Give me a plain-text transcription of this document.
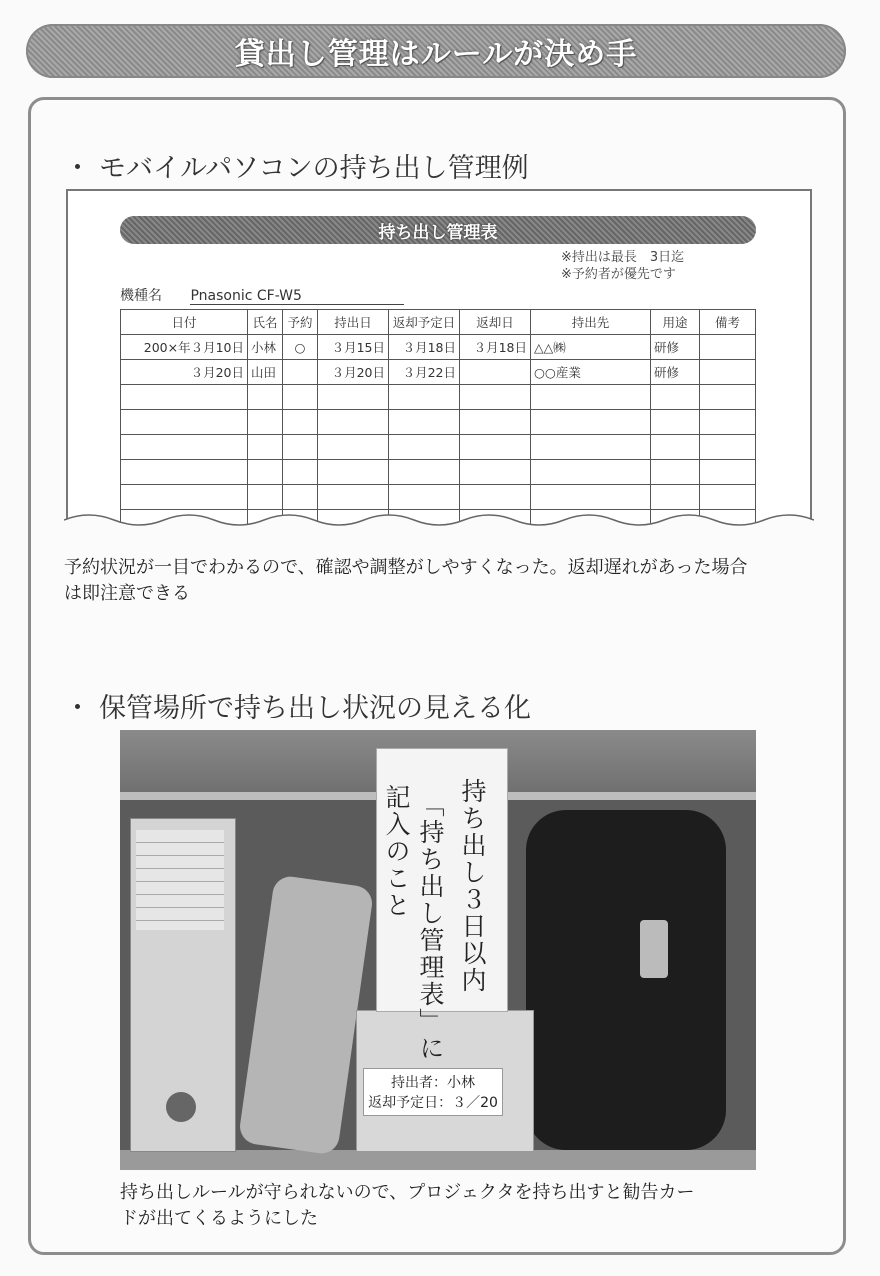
貸出し管理はルールが決め手
・ モバイルパソコンの持ち出し管理例
持ち出し管理表
※持出は最長　3日迄
※予約者が優先です
機種名 Pnasonic CF-W5
日付	氏名	予約	持出日	返却予定日	返却日	持出先	用途	備考
200×年３月10日	小林	○	３月15日	３月18日	３月18日	△△㈱	研修	
３月20日	山田		３月20日	３月22日		○○産業	研修	

予約状況が一目でわかるので、確認や調整がしやすくなった。返却遅れがあった場合
は即注意できる
・ 保管場所で持ち出し状況の見える化
持ち出し３日以内
「持ち出し管理表」に
記入のこと
持出者：小林
返却予定日：３／20
持ち出しルールが守られないので、プロジェクタを持ち出すと勧告カー
ドが出てくるようにした
